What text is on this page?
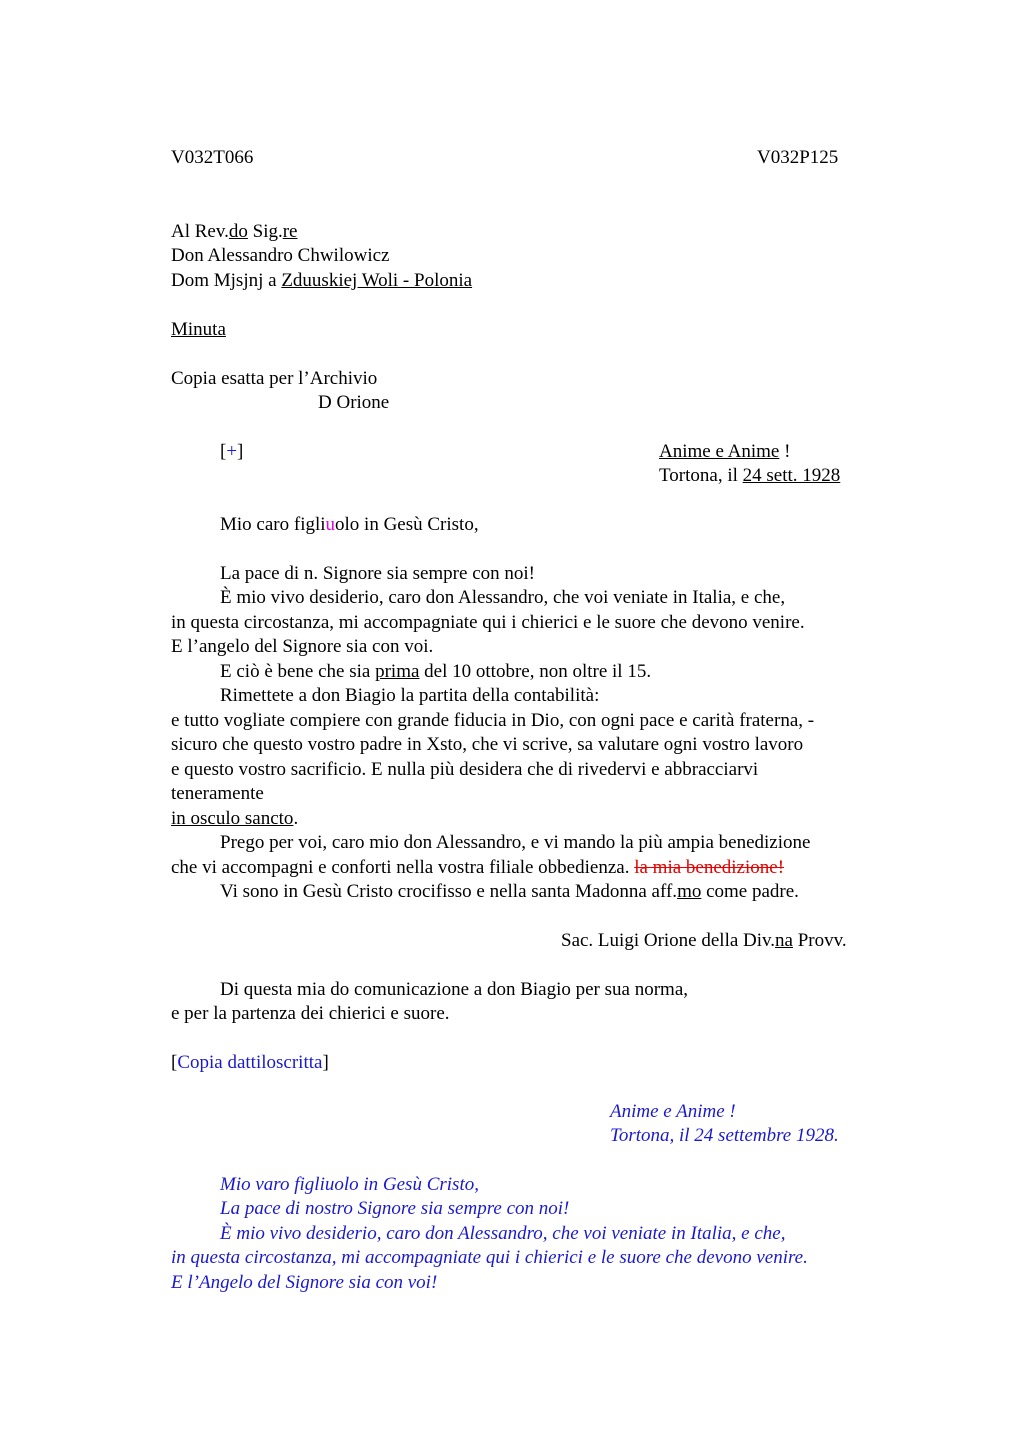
V032T066	V032P125
Al Rev.do Sig.re
Don Alessandro Chwilowicz
Dom Mjsjnj a Zduuskiej Woli - Polonia
Minuta
Copia esatta per l’Archivio
D Orione
[+]	Anime e Anime !
Tortona, il 24 sett. 1928
Mio caro figliuolo in Gesù Cristo,
La pace di n. Signore sia sempre con noi!
È mio vivo desiderio, caro don Alessandro, che voi veniate in Italia, e che,
in questa circostanza, mi accompagniate qui i chierici e le suore che devono venire.
E l’angelo del Signore sia con voi.
E ciò è bene che sia prima del 10 ottobre, non oltre il 15.
Rimettete a don Biagio la partita della contabilità:
e tutto vogliate compiere con grande fiducia in Dio, con ogni pace e carità fraterna, -
sicuro che questo vostro padre in Xsto, che vi scrive, sa valutare ogni vostro lavoro
e questo vostro sacrificio. E nulla più desidera che di rivedervi e abbracciarvi
teneramente
in osculo sancto.
Prego per voi, caro mio don Alessandro, e vi mando la più ampia benedizione
che vi accompagni e conforti nella vostra filiale obbedienza. la mia benedizione!
Vi sono in Gesù Cristo crocifisso e nella santa Madonna aff.mo come padre.
Sac. Luigi Orione della Div.na Provv.
Di questa mia do comunicazione a don Biagio per sua norma,
e per la partenza dei chierici e suore.
[Copia dattiloscritta]
Anime e Anime !
Tortona, il 24 settembre 1928.
Mio varo figliuolo in Gesù Cristo,
La pace di nostro Signore sia sempre con noi!
È mio vivo desiderio, caro don Alessandro, che voi veniate in Italia, e che,
in questa circostanza, mi accompagniate qui i chierici e le suore che devono venire.
E l’Angelo del Signore sia con voi!
